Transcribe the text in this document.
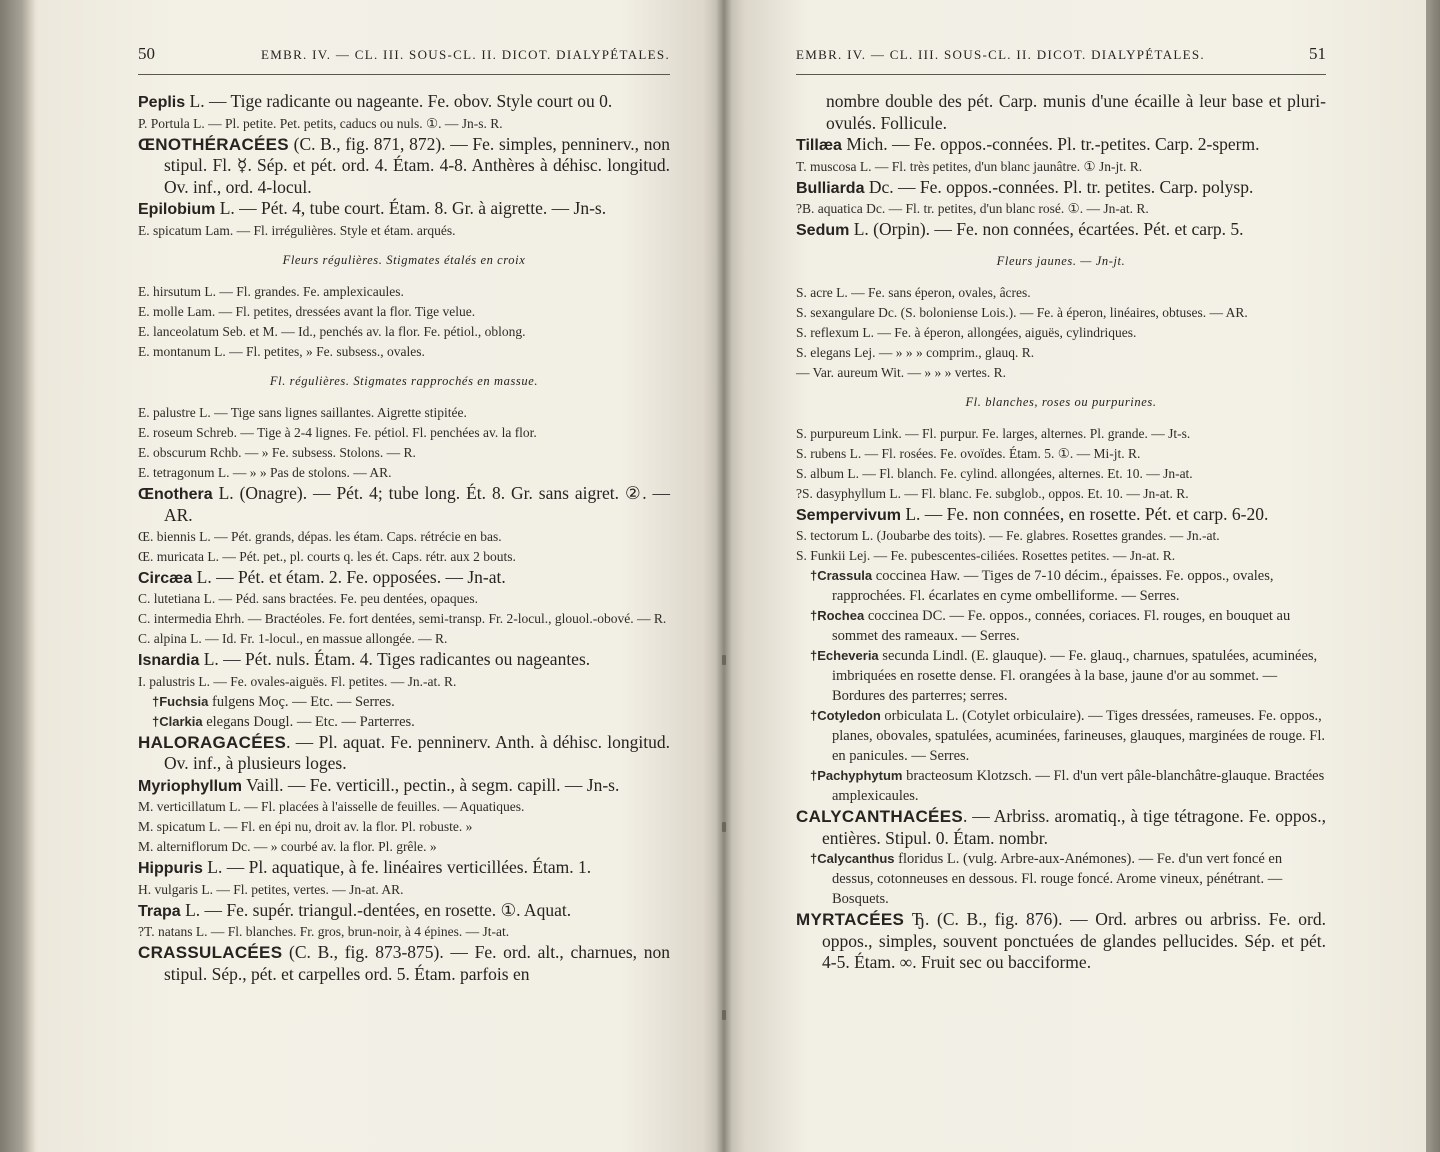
50	EMBR. IV. — CL. III. SOUS-CL. II. DICOT. DIALYPÉTALES.
Peplis L. — Tige radicante ou nageante. Fe. obov. Style court ou 0.
P. Portula L. — Pl. petite. Pet. petits, caducs ou nuls. ①. — Jn-s. R.
ŒNOTHÉRACÉES (C. B., fig. 871, 872). — Fe. simples, penninerv., non stipul. Fl. ☿. Sép. et pét. ord. 4. Étam. 4-8. Anthères à déhisc. longitud. Ov. inf., ord. 4-locul.
Epilobium L. — Pét. 4, tube court. Étam. 8. Gr. à aigrette. — Jn-s.
E. spicatum Lam. — Fl. irrégulières. Style et étam. arqués.
Fleurs régulières. Stigmates étalés en croix
E. hirsutum L. — Fl. grandes. Fe. amplexicaules.
E. molle Lam. — Fl. petites, dressées avant la flor. Tige velue.
E. lanceolatum Seb. et M. — Id., penchés av. la flor. Fe. pétiol., oblong.
E. montanum L. — Fl. petites, » Fe. subsess., ovales.
Fl. régulières. Stigmates rapprochés en massue.
E. palustre L. — Tige sans lignes saillantes. Aigrette stipitée.
E. roseum Schreb. — Tige à 2-4 lignes. Fe. pétiol. Fl. penchées av. la flor.
E. obscurum Rchb. — » Fe. subsess. Stolons. — R.
E. tetragonum L. — » » Pas de stolons. — AR.
Œnothera L. (Onagre). — Pét. 4; tube long. Ét. 8. Gr. sans aigret. ②. — AR.
Œ. biennis L. — Pét. grands, dépas. les étam. Caps. rétrécie en bas.
Œ. muricata L. — Pét. pet., pl. courts q. les ét. Caps. rétr. aux 2 bouts.
Circæa L. — Pét. et étam. 2. Fe. opposées. — Jn-at.
C. lutetiana L. — Péd. sans bractées. Fe. peu dentées, opaques.
C. intermedia Ehrh. — Bractéoles. Fe. fort dentées, semi-transp. Fr. 2-locul., glouol.-obové. — R.
C. alpina L. — Id. Fr. 1-locul., en massue allongée. — R.
Isnardia L. — Pét. nuls. Étam. 4. Tiges radicantes ou nageantes.
I. palustris L. — Fe. ovales-aiguës. Fl. petites. — Jn.-at. R.
†Fuchsia fulgens Moç. — Etc. — Serres.
†Clarkia elegans Dougl. — Etc. — Parterres.
HALORAGACÉES. — Pl. aquat. Fe. penninerv. Anth. à déhisc. longitud. Ov. inf., à plusieurs loges.
Myriophyllum Vaill. — Fe. verticill., pectin., à segm. capill. — Jn-s.
M. verticillatum L. — Fl. placées à l'aisselle de feuilles. — Aquatiques.
M. spicatum L. — Fl. en épi nu, droit av. la flor. Pl. robuste. »
M. alterniflorum Dc. — » courbé av. la flor. Pl. grêle. »
Hippuris L. — Pl. aquatique, à fe. linéaires verticillées. Étam. 1.
H. vulgaris L. — Fl. petites, vertes. — Jn-at. AR.
Trapa L. — Fe. supér. triangul.-dentées, en rosette. ①. Aquat.
?T. natans L. — Fl. blanches. Fr. gros, brun-noir, à 4 épines. — Jt-at.
CRASSULACÉES (C. B., fig. 873-875). — Fe. ord. alt., charnues, non stipul. Sép., pét. et carpelles ord. 5. Étam. parfois en
EMBR. IV. — CL. III. SOUS-CL. II. DICOT. DIALYPÉTALES.	51
nombre double des pét. Carp. munis d'une écaille à leur base et pluri-ovulés. Follicule.
Tillæa Mich. — Fe. oppos.-connées. Pl. tr.-petites. Carp. 2-sperm.
T. muscosa L. — Fl. très petites, d'un blanc jaunâtre. ① Jn-jt. R.
Bulliarda Dc. — Fe. oppos.-connées. Pl. tr. petites. Carp. polysp.
?B. aquatica Dc. — Fl. tr. petites, d'un blanc rosé. ①. — Jn-at. R.
Sedum L. (Orpin). — Fe. non connées, écartées. Pét. et carp. 5.
Fleurs jaunes. — Jn-jt.
S. acre L. — Fe. sans éperon, ovales, âcres.
S. sexangulare Dc. (S. boloniense Lois.). — Fe. à éperon, linéaires, obtuses. — AR.
S. reflexum L. — Fe. à éperon, allongées, aiguës, cylindriques.
S. elegans Lej. — » » » comprim., glauq. R.
— Var. aureum Wit. — » » » vertes. R.
Fl. blanches, roses ou purpurines.
S. purpureum Link. — Fl. purpur. Fe. larges, alternes. Pl. grande. — Jt-s.
S. rubens L. — Fl. rosées. Fe. ovoïdes. Étam. 5. ①. — Mi-jt. R.
S. album L. — Fl. blanch. Fe. cylind. allongées, alternes. Et. 10. — Jn-at.
?S. dasyphyllum L. — Fl. blanc. Fe. subglob., oppos. Et. 10. — Jn-at. R.
Sempervivum L. — Fe. non connées, en rosette. Pét. et carp. 6-20.
S. tectorum L. (Joubarbe des toits). — Fe. glabres. Rosettes grandes. — Jn.-at.
S. Funkii Lej. — Fe. pubescentes-ciliées. Rosettes petites. — Jn-at. R.
†Crassula coccinea Haw. — Tiges de 7-10 décim., épaisses. Fe. oppos., ovales, rapprochées. Fl. écarlates en cyme ombelliforme. — Serres.
†Rochea coccinea DC. — Fe. oppos., connées, coriaces. Fl. rouges, en bouquet au sommet des rameaux. — Serres.
†Echeveria secunda Lindl. (E. glauque). — Fe. glauq., charnues, spatulées, acuminées, imbriquées en rosette dense. Fl. orangées à la base, jaune d'or au sommet. — Bordures des parterres; serres.
†Cotyledon orbiculata L. (Cotylet orbiculaire). — Tiges dressées, rameuses. Fe. oppos., planes, obovales, spatulées, acuminées, farineuses, glauques, marginées de rouge. Fl. en panicules. — Serres.
†Pachyphytum bracteosum Klotzsch. — Fl. d'un vert pâle-blanchâtre-glauque. Bractées amplexicaules.
CALYCANTHACÉES. — Arbriss. aromatiq., à tige tétragone. Fe. oppos., entières. Stipul. 0. Étam. nombr.
†Calycanthus floridus L. (vulg. Arbre-aux-Anémones). — Fe. d'un vert foncé en dessus, cotonneuses en dessous. Fl. rouge foncé. Arome vineux, pénétrant. — Bosquets.
MYRTACÉES Ђ. (C. B., fig. 876). — Ord. arbres ou arbriss. Fe. ord. oppos., simples, souvent ponctuées de glandes pellucides. Sép. et pét. 4-5. Étam. ∞. Fruit sec ou bacciforme.
